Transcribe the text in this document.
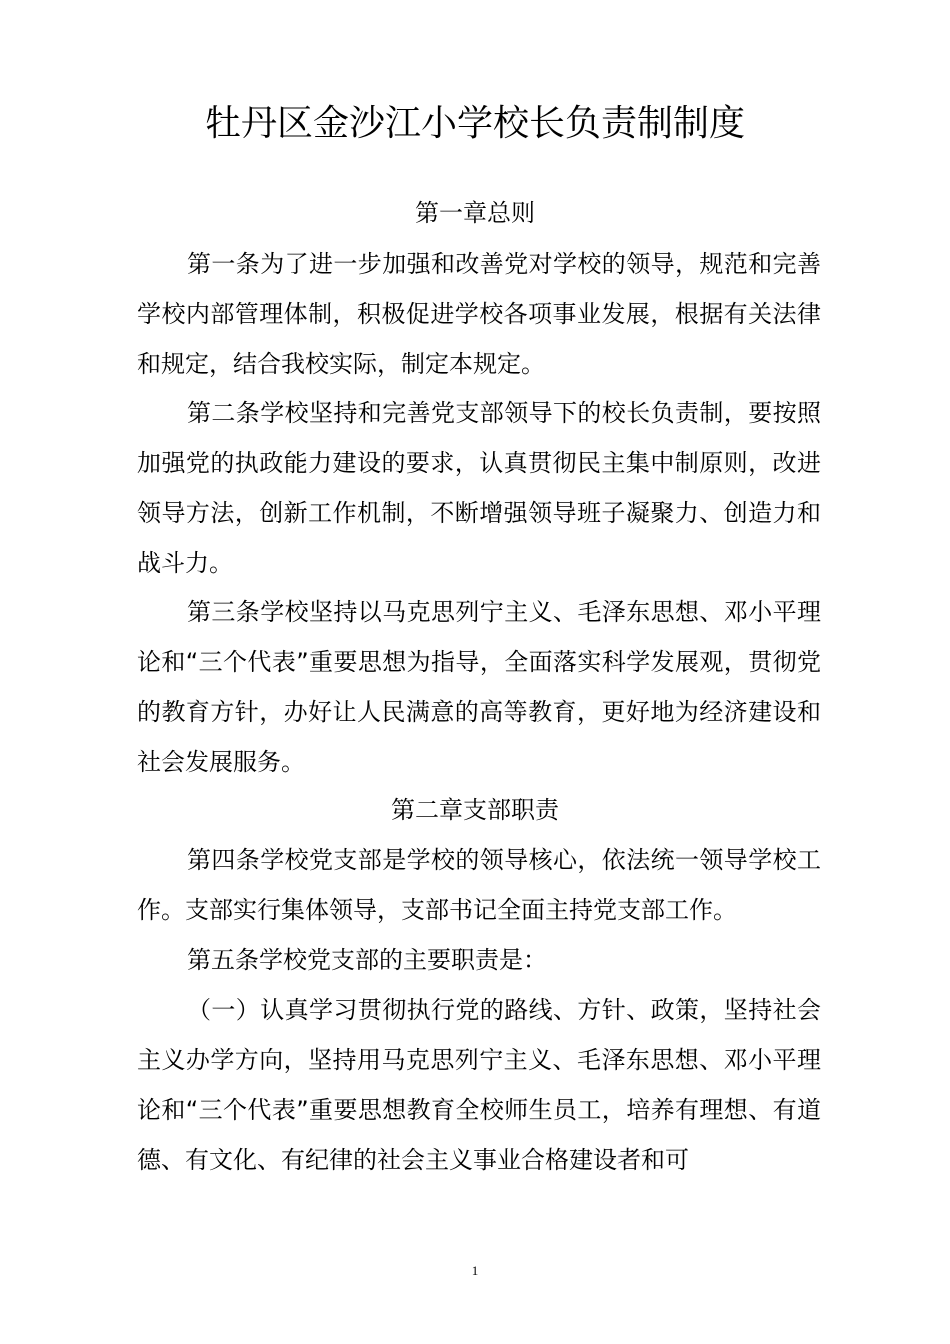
牡丹区金沙江小学校长负责制制度
第一章总则

第一条为了进一步加强和改善党对学校的领导，规范和完善学校内部管理体制，积极促进学校各项事业发展，根据有关法律和规定，结合我校实际，制定本规定。

第二条学校坚持和完善党支部领导下的校长负责制，要按照加强党的执政能力建设的要求，认真贯彻民主集中制原则，改进领导方法，创新工作机制，不断增强领导班子凝聚力、创造力和战斗力。

第三条学校坚持以马克思列宁主义、毛泽东思想、邓小平理论和“三个代表”重要思想为指导，全面落实科学发展观，贯彻党的教育方针，办好让人民满意的高等教育，更好地为经济建设和社会发展服务。

第二章支部职责

第四条学校党支部是学校的领导核心，依法统一领导学校工作。支部实行集体领导，支部书记全面主持党支部工作。

第五条学校党支部的主要职责是：

（一）认真学习贯彻执行党的路线、方针、政策，坚持社会主义办学方向，坚持用马克思列宁主义、毛泽东思想、邓小平理论和“三个代表”重要思想教育全校师生员工，培养有理想、有道德、有文化、有纪律的社会主义事业合格建设者和可

1
